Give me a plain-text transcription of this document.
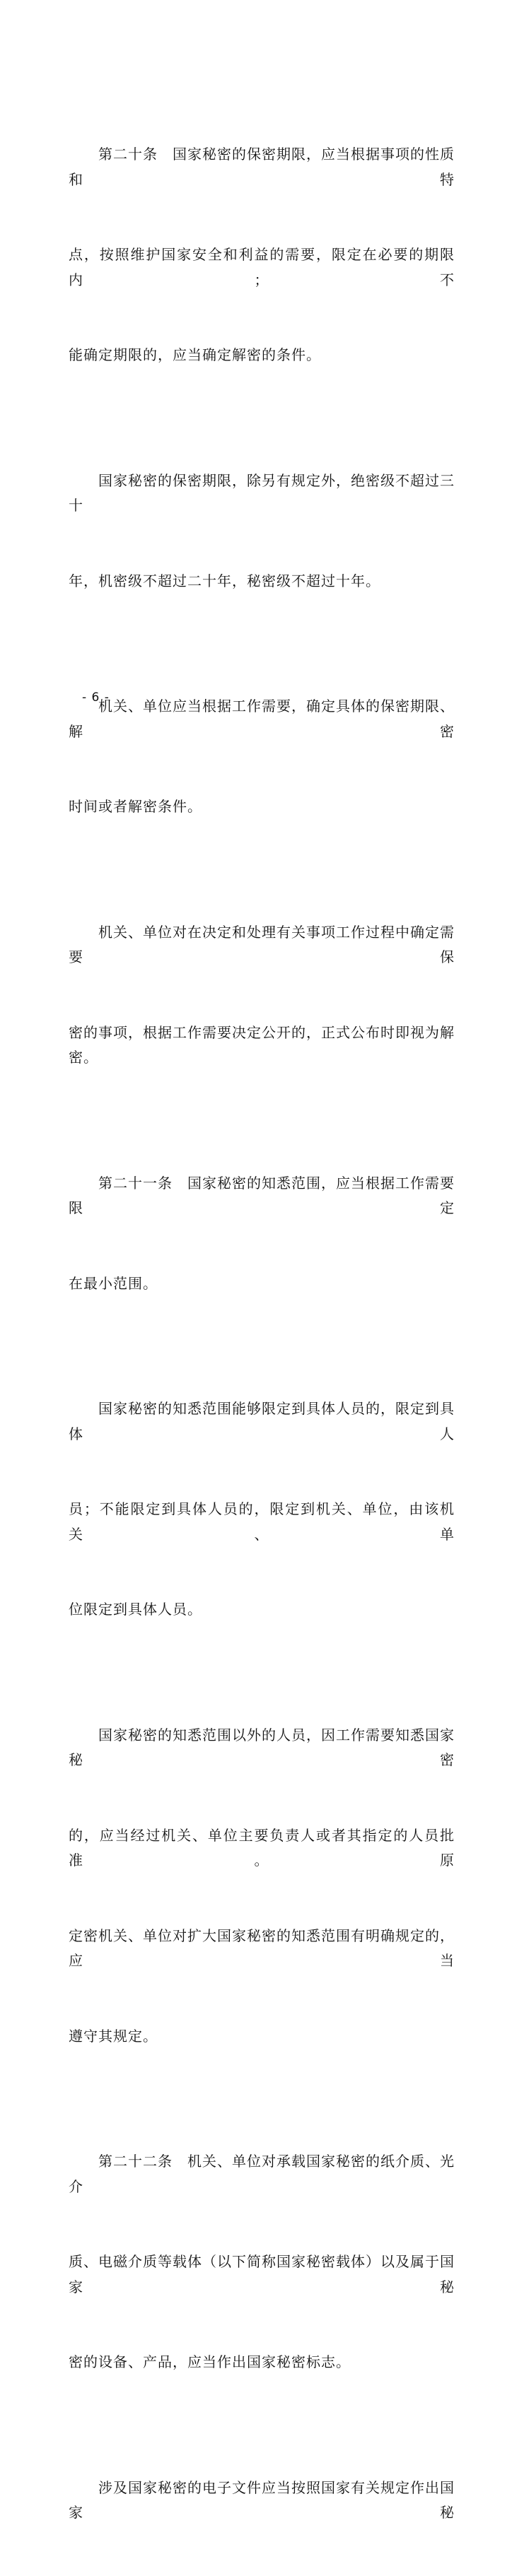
第二十条　国家秘密的保密期限，应当根据事项的性质和特

点，按照维护国家安全和利益的需要，限定在必要的期限内；不

能确定期限的，应当确定解密的条件。

国家秘密的保密期限，除另有规定外，绝密级不超过三十

年，机密级不超过二十年，秘密级不超过十年。

机关、单位应当根据工作需要，确定具体的保密期限、解密

时间或者解密条件。

机关、单位对在决定和处理有关事项工作过程中确定需要保

密的事项，根据工作需要决定公开的，正式公布时即视为解密。

第二十一条　国家秘密的知悉范围，应当根据工作需要限定

在最小范围。

国家秘密的知悉范围能够限定到具体人员的，限定到具体人

员；不能限定到具体人员的，限定到机关、单位，由该机关、单

位限定到具体人员。

国家秘密的知悉范围以外的人员，因工作需要知悉国家秘密

的，应当经过机关、单位主要负责人或者其指定的人员批准。原

定密机关、单位对扩大国家秘密的知悉范围有明确规定的，应当

遵守其规定。

第二十二条　机关、单位对承载国家秘密的纸介质、光介

质、电磁介质等载体（以下简称国家秘密载体）以及属于国家秘

密的设备、产品，应当作出国家秘密标志。

涉及国家秘密的电子文件应当按照国家有关规定作出国家秘

- 6 -
